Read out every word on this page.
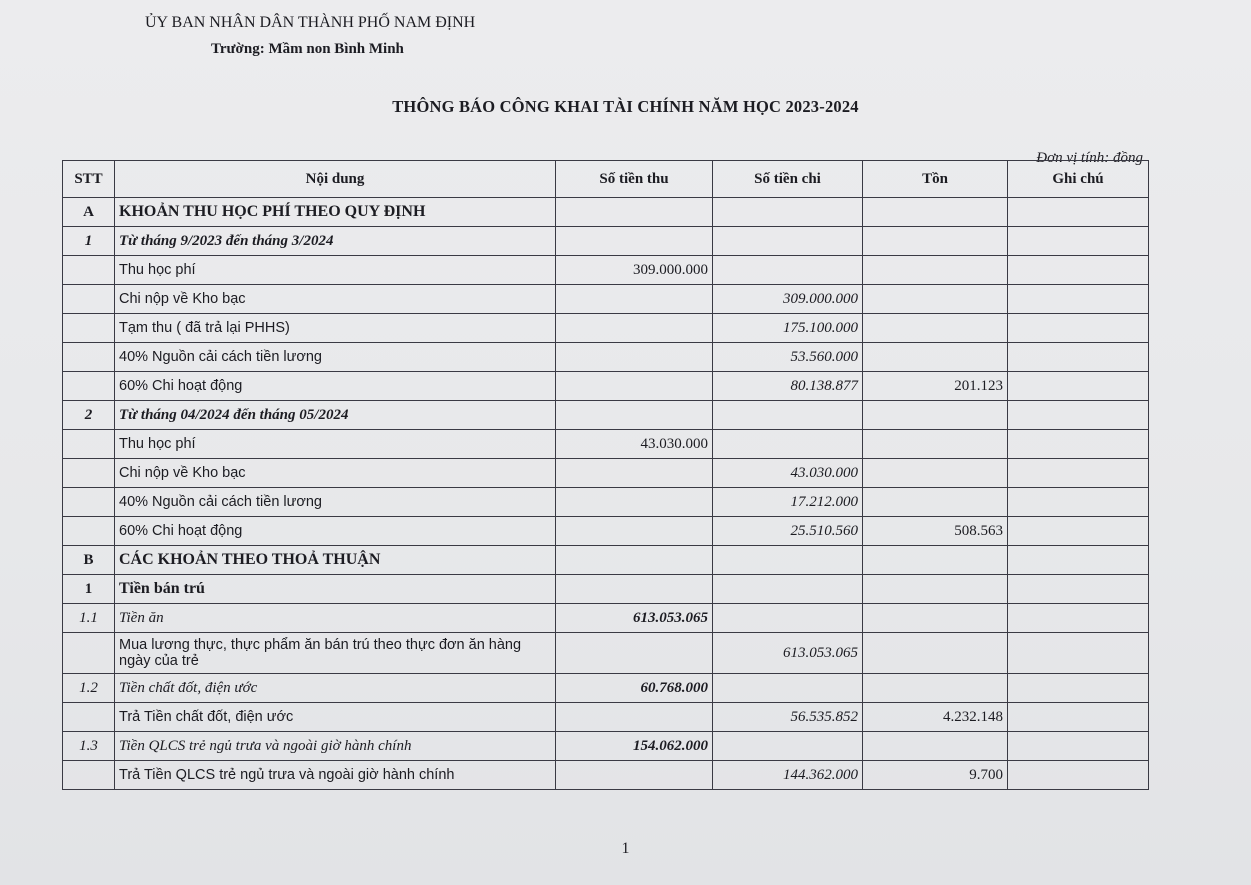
ỦY BAN NHÂN DÂN THÀNH PHỐ NAM ĐỊNH
Trường: Mầm non Bình Minh
THÔNG BÁO CÔNG KHAI TÀI CHÍNH NĂM HỌC 2023-2024
Đơn vị tính: đồng
STT	Nội dung	Số tiền thu	Số tiền chi	Tồn	Ghi chú
A	KHOẢN THU HỌC PHÍ THEO QUY ĐỊNH				
1	Từ tháng 9/2023 đến tháng 3/2024				
	Thu học phí	309.000.000			
	Chi nộp về Kho bạc		309.000.000		
	Tạm thu ( đã trả lại PHHS)		175.100.000		
	40% Nguồn cải cách tiền lương		53.560.000		
	60% Chi hoạt động		80.138.877	201.123	
2	Từ tháng 04/2024 đến tháng 05/2024				
	Thu học phí	43.030.000			
	Chi nộp về Kho bạc		43.030.000		
	40% Nguồn cải cách tiền lương		17.212.000		
	60% Chi hoạt động		25.510.560	508.563	
B	CÁC KHOẢN THEO THOẢ THUẬN				
1	Tiền bán trú				
1.1	Tiền ăn	613.053.065			
	Mua lương thực, thực phẩm ăn bán trú theo thực đơn ăn hàng ngày của trẻ		613.053.065		
1.2	Tiền chất đốt, điện ước	60.768.000			
	Trả Tiền chất đốt, điện ước		56.535.852	4.232.148	
1.3	Tiền QLCS trẻ ngủ trưa và ngoài giờ hành chính	154.062.000			
	Trả Tiền QLCS trẻ ngủ trưa và ngoài giờ hành chính		144.362.000	9.700	
1
